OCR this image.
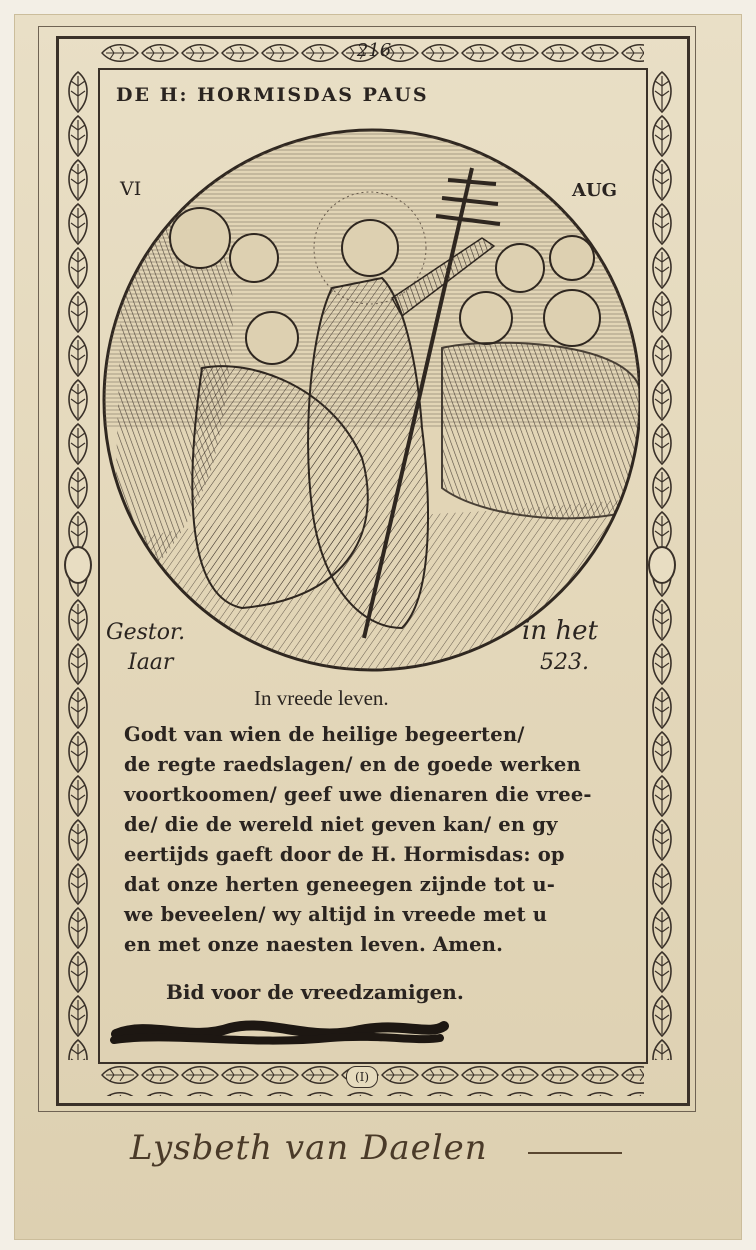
216
(I)
DE H: HORMISDAS PAUS
VI	AUG
Gestor.	in het
Iaar	523.
In vreede leven.
Godt van wien de heilige begeerten/
de regte raedslagen/ en de goede werken
voortkoomen/ geef uwe dienaren die vree-
de/ die de wereld niet geven kan/ en gy
eertijds gaeft door de H. Hormisdas: op
dat onze herten geneegen zijnde tot u-
we beveelen/ wy altijd in vreede met u
en met onze naesten leven. Amen.
Bid voor de vreedzamigen.
Lysbeth van Daelen
